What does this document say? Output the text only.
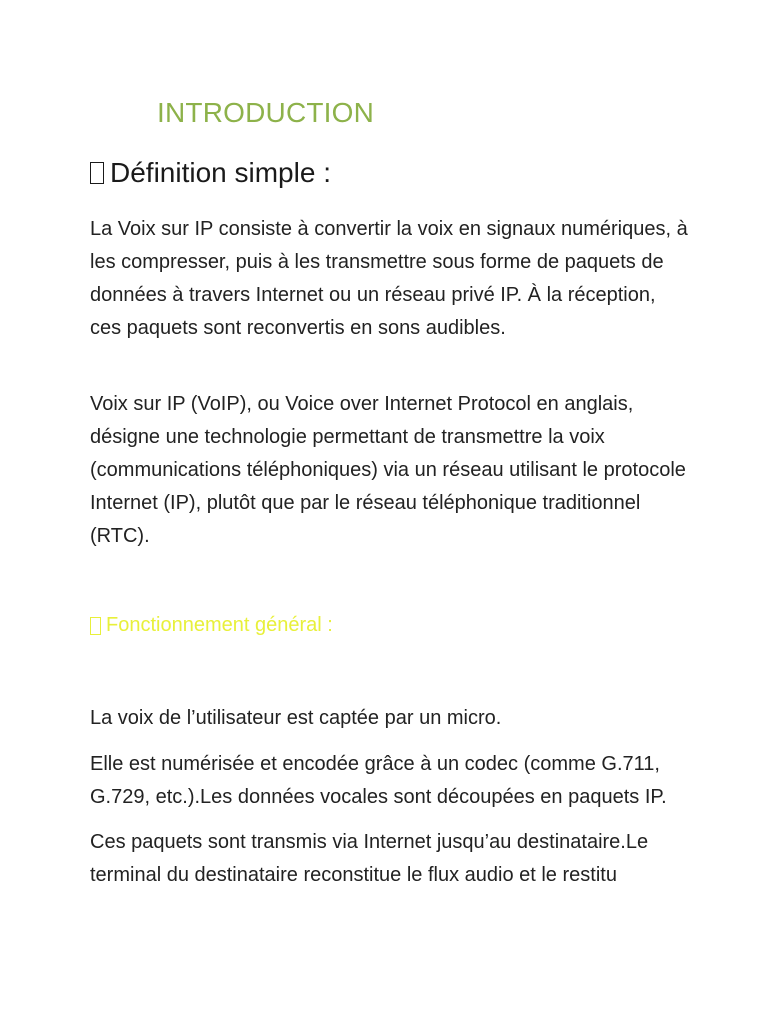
INTRODUCTION
Définition simple :

La Voix sur IP consiste à convertir la voix en signaux numériques, à les compresser, puis à les transmettre sous forme de paquets de données à travers Internet ou un réseau privé IP. À la réception, ces paquets sont reconvertis en sons audibles.

Voix sur IP (VoIP), ou Voice over Internet Protocol en anglais, désigne une technologie permettant de transmettre la voix (communications téléphoniques) via un réseau utilisant le protocole Internet (IP), plutôt que par le réseau téléphonique traditionnel (RTC).

Fonctionnement général :

La voix de l’utilisateur est captée par un micro.

Elle est numérisée et encodée grâce à un codec (comme G.711, G.729, etc.).Les données vocales sont découpées en paquets IP.

Ces paquets sont transmis via Internet jusqu’au destinataire.Le terminal du destinataire reconstitue le flux audio et le restitu
